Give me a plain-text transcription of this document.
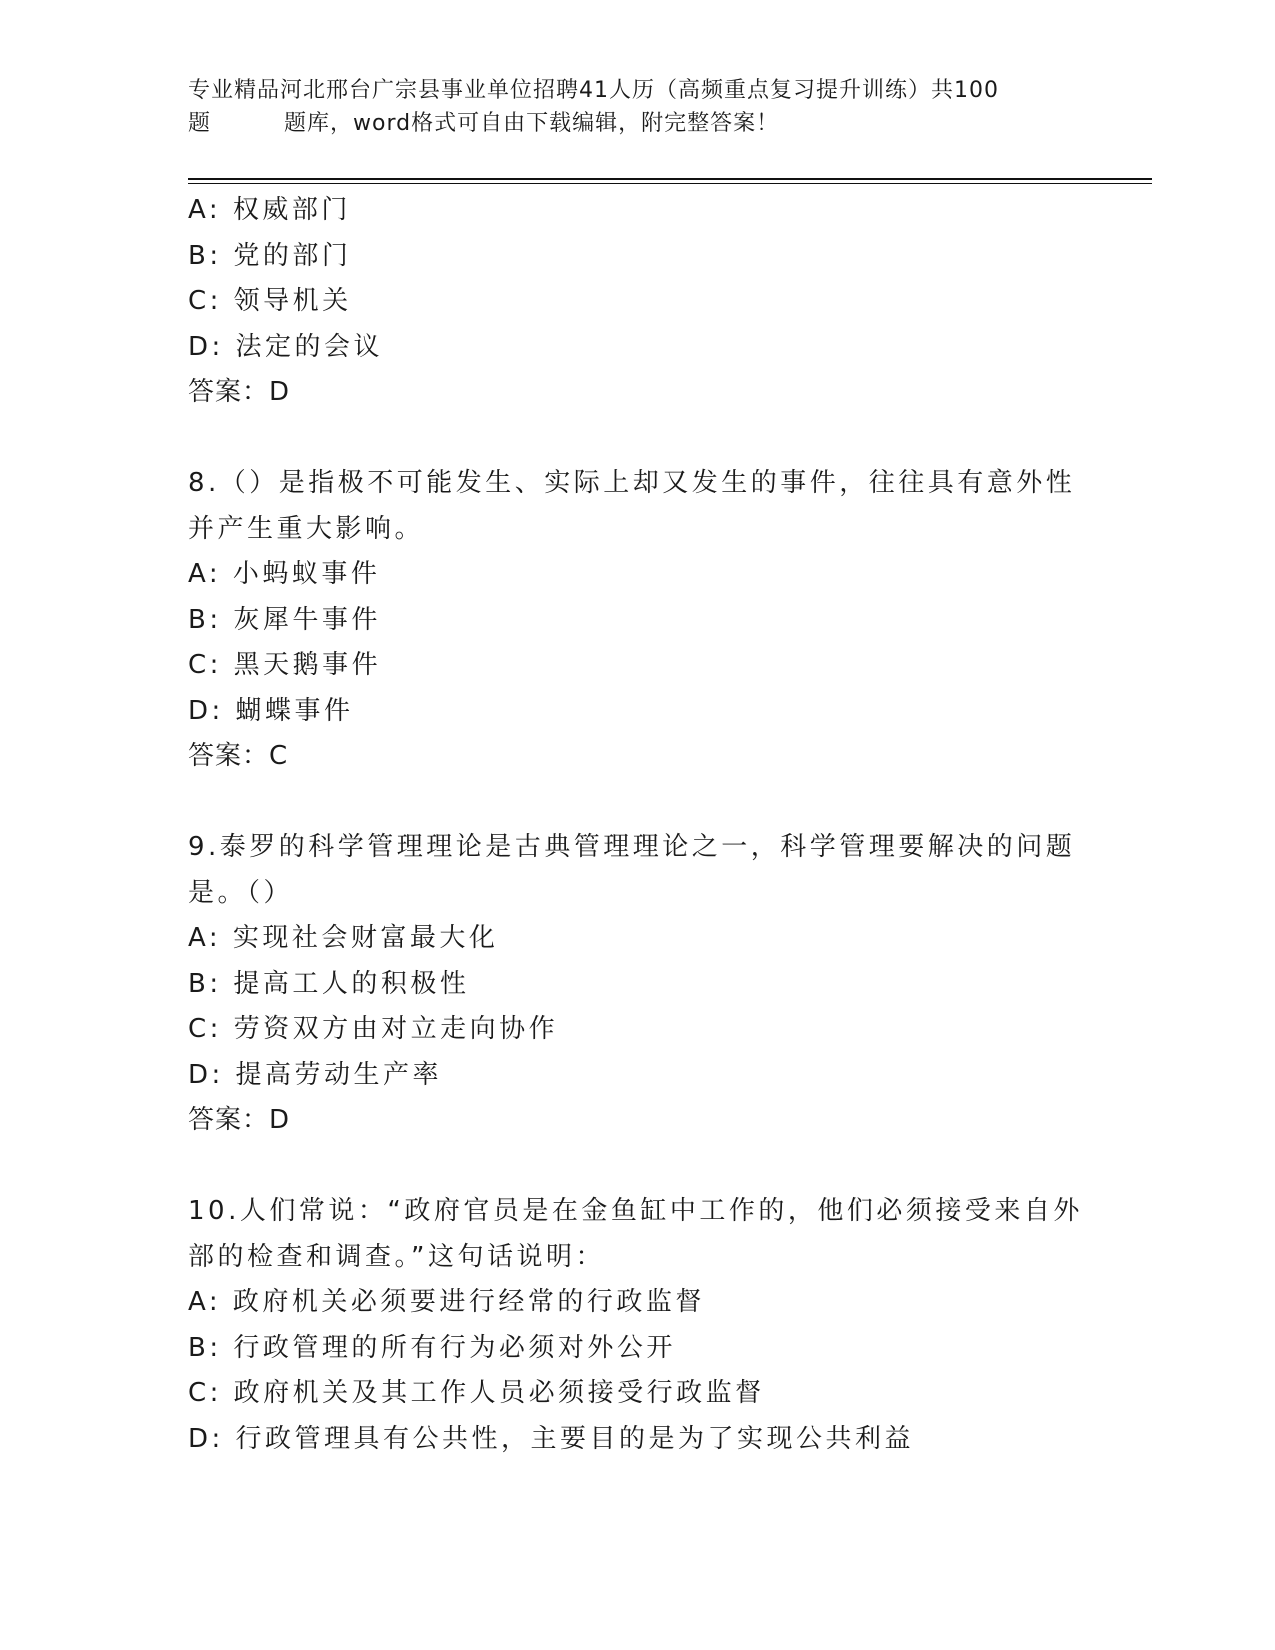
专业精品河北邢台广宗县事业单位招聘41人历（高频重点复习提升训练）共100
题	题库，word格式可自由下载编辑，附完整答案！
A: 权威部门
B: 党的部门
C: 领导机关
D: 法定的会议
答案：D
8.（）是指极不可能发生、实际上却又发生的事件，往往具有意外性
并产生重大影响。
A: 小蚂蚁事件
B: 灰犀牛事件
C: 黑天鹅事件
D: 蝴蝶事件
答案：C
9.泰罗的科学管理理论是古典管理理论之一，科学管理要解决的问题
是。（）
A: 实现社会财富最大化
B: 提高工人的积极性
C: 劳资双方由对立走向协作
D: 提高劳动生产率
答案：D
10.人们常说：“政府官员是在金鱼缸中工作的，他们必须接受来自外
部的检查和调查。”这句话说明：
A: 政府机关必须要进行经常的行政监督
B: 行政管理的所有行为必须对外公开
C: 政府机关及其工作人员必须接受行政监督
D: 行政管理具有公共性，主要目的是为了实现公共利益
